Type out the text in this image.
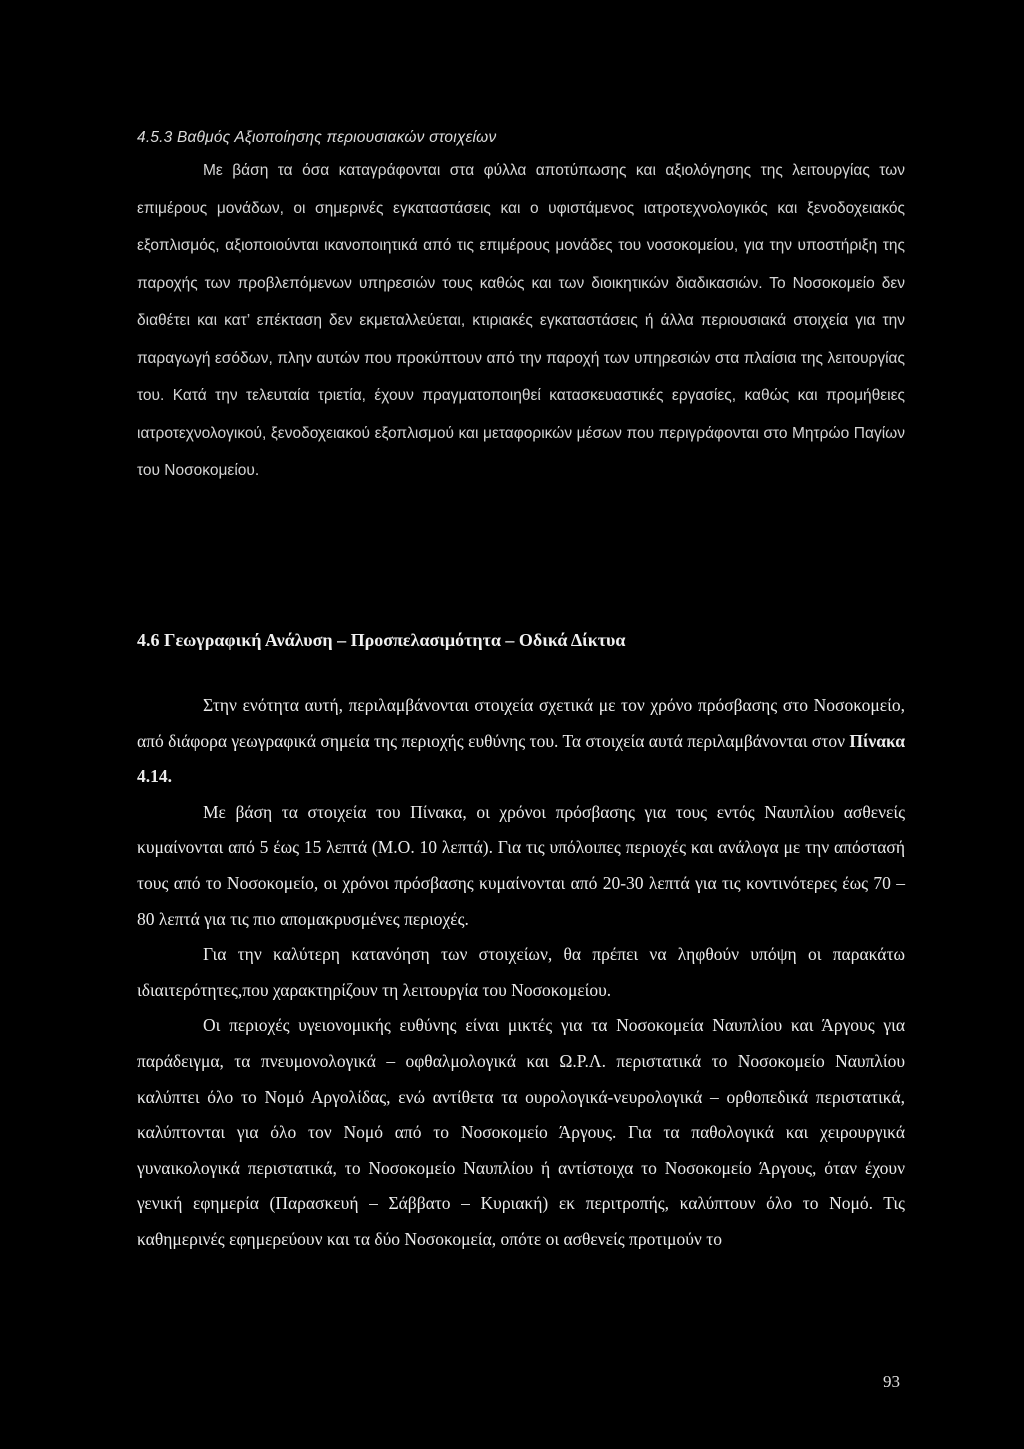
4.5.3 Βαθμός Αξιοποίησης περιουσιακών στοιχείων

Με βάση τα όσα καταγράφονται στα φύλλα αποτύπωσης και αξιολόγησης της λειτουργίας των επιμέρους μονάδων, οι σημερινές εγκαταστάσεις και ο υφιστάμενος ιατροτεχνολογικός και ξενοδοχειακός εξοπλισμός, αξιοποιούνται ικανοποιητικά από τις επιμέρους μονάδες του νοσοκομείου, για την υποστήριξη της παροχής των προβλεπόμενων υπηρεσιών τους καθώς και των διοικητικών διαδικασιών. Το Νοσοκομείο δεν διαθέτει και κατ’ επέκταση δεν εκμεταλλεύεται, κτιριακές εγκαταστάσεις ή άλλα περιουσιακά στοιχεία για την παραγωγή εσόδων, πλην αυτών που προκύπτουν από την παροχή των υπηρεσιών στα πλαίσια της λειτουργίας του. Κατά την τελευταία τριετία, έχουν πραγματοποιηθεί κατασκευαστικές εργασίες, καθώς και προμήθειες ιατροτεχνολογικού, ξενοδοχειακού εξοπλισμού και μεταφορικών μέσων που περιγράφονται στο Μητρώο Παγίων του Νοσοκομείου.

4.6 Γεωγραφική Ανάλυση – Προσπελασιμότητα – Οδικά Δίκτυα

Στην ενότητα αυτή, περιλαμβάνονται στοιχεία σχετικά με τον χρόνο πρόσβασης στο Νοσοκομείο, από διάφορα γεωγραφικά σημεία της περιοχής ευθύνης του. Τα στοιχεία αυτά περιλαμβάνονται στον Πίνακα 4.14.

Με βάση τα στοιχεία του Πίνακα, οι χρόνοι πρόσβασης για τους εντός Ναυπλίου ασθενείς κυμαίνονται από 5 έως 15 λεπτά (Μ.Ο. 10 λεπτά). Για τις υπόλοιπες περιοχές και ανάλογα με την απόστασή τους από το Νοσοκομείο, οι χρόνοι πρόσβασης κυμαίνονται από 20-30 λεπτά για τις κοντινότερες έως 70 – 80 λεπτά για τις πιο απομακρυσμένες περιοχές.

Για την καλύτερη κατανόηση των στοιχείων, θα πρέπει να ληφθούν υπόψη οι παρακάτω ιδιαιτερότητες,που χαρακτηρίζουν τη λειτουργία του Νοσοκομείου.

Οι περιοχές υγειονομικής ευθύνης είναι μικτές για τα Νοσοκομεία Ναυπλίου και Άργους για παράδειγμα, τα πνευμονολογικά – οφθαλμολογικά και Ω.Ρ.Λ. περιστατικά το Νοσοκομείο Ναυπλίου καλύπτει όλο το Νομό Αργολίδας, ενώ αντίθετα τα ουρολογικά-νευρολογικά – ορθοπεδικά περιστατικά, καλύπτονται για όλο τον Νομό από το Νοσοκομείο Άργους. Για τα παθολογικά και χειρουργικά γυναικολογικά περιστατικά, το Νοσοκομείο Ναυπλίου ή αντίστοιχα το Νοσοκομείο Άργους, όταν έχουν γενική εφημερία (Παρασκευή – Σάββατο – Κυριακή) εκ περιτροπής, καλύπτουν όλο το Νομό. Τις καθημερινές εφημερεύουν και τα δύο Νοσοκομεία, οπότε οι ασθενείς προτιμούν το

93
